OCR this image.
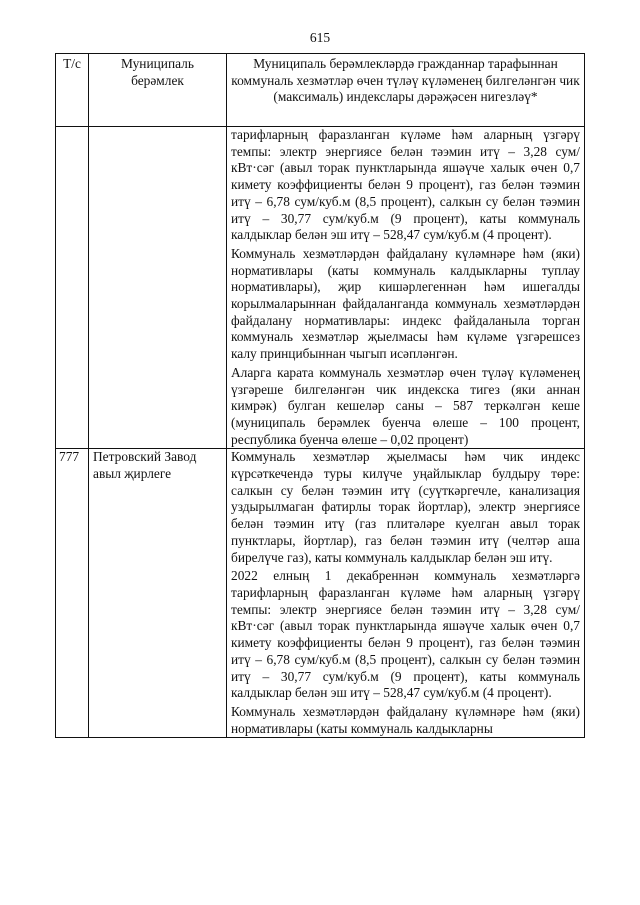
615
Т/с	Муниципаль берәмлек	Муниципаль берәмлекләрдә гражданнар тарафыннан коммуналь хезмәтләр өчен түләү күләменең билгеләнгән чик (максималь) индекслары дәрәҗәсен нигезләү*

		тарифларның фаразланган күләме һәм аларның үзгәрү темпы: электр энергиясе белән тәэмин итү – 3,28 сум/кВт·сәг (авыл торак пунктларында яшәүче халык өчен 0,7 кимету коэффициенты белән 9 процент), газ белән тәэмин итү – 6,78 сум/куб.м (8,5 процент), салкын су белән тәэмин итү – 30,77 сум/куб.м (9 процент), каты коммуналь калдыклар белән эш итү – 528,47 сум/куб.м (4 процент).

Коммуналь хезмәтләрдән файдалану күләмнәре һәм (яки) нормативлары (каты коммуналь калдыкларны туплау нормативлары), җир кишәрлегеннән һәм ишегалды корылмаларыннан файдаланганда коммуналь хезмәтләрдән файдалану нормативлары: индекс файдаланыла торган коммуналь хезмәтләр җыелмасы һәм күләме үзгәрешсез калу принцибыннан чыгып исәпләнгән.

Аларга карата коммуналь хезмәтләр өчен түләү күләменең үзгәреше билгеләнгән чик индекска тигез (яки аннан кимрәк) булган кешеләр саны – 587 теркәлгән кеше (муниципаль берәмлек буенча өлеше – 100 процент, республика буенча өлеше – 0,02 процент)

777	Петровский Завод авыл җирлеге	Коммуналь хезмәтләр җыелмасы һәм чик индекс күрсәткечендә туры килүче уңайлыклар булдыру төре: салкын су белән тәэмин итү (суүткәргечле, канализация уздырылмаган фатирлы торак йортлар), электр энергиясе белән тәэмин итү (газ плитәләре куелган авыл торак пунктлары, йортлар), газ белән тәэмин итү (челтәр аша бирелүче газ), каты коммуналь калдыклар белән эш итү.

2022 елның 1 декабреннән коммуналь хезмәтләргә тарифларның фаразланган күләме һәм аларның үзгәрү темпы: электр энергиясе белән тәэмин итү – 3,28 сум/кВт·сәг (авыл торак пунктларында яшәүче халык өчен 0,7 кимету коэффициенты белән 9 процент), газ белән тәэмин итү – 6,78 сум/куб.м (8,5 процент), салкын су белән тәэмин итү – 30,77 сум/куб.м (9 процент), каты коммуналь калдыклар белән эш итү – 528,47 сум/куб.м (4 процент).

Коммуналь хезмәтләрдән файдалану күләмнәре һәм (яки) нормативлары (каты коммуналь калдыкларны
